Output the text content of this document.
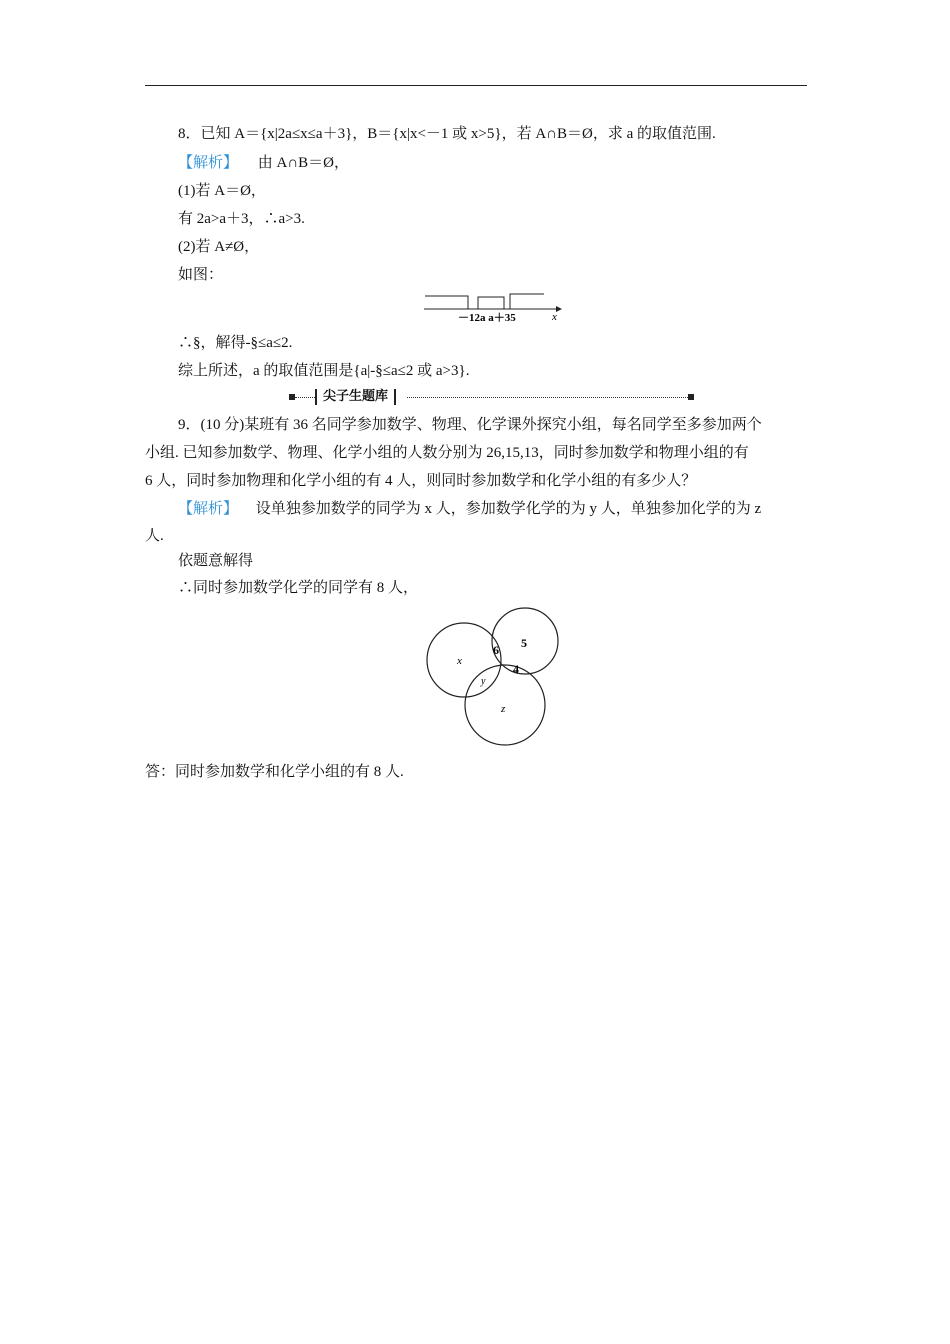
8．已知 A＝{x|2a≤x≤a＋3}，B＝{x|x<－1 或 x>5}，若 A∩B＝Ø，求 a 的取值范围.
【解析】 由 A∩B＝Ø，
(1)若 A＝Ø，
有 2a>a＋3，∴a>3.
(2)若 A≠Ø，
如图：
－12a a＋35	x
∴§，解得-§≤a≤2.
综上所述，a 的取值范围是{a|-§≤a≤2 或 a>3}.
尖子生题库
9．(10 分)某班有 36 名同学参加数学、物理、化学课外探究小组，每名同学至多参加两个
小组. 已知参加数学、物理、化学小组的人数分别为 26,15,13，同时参加数学和物理小组的有
6 人，同时参加物理和化学小组的有 4 人，则同时参加数学和化学小组的有多少人？
【解析】 设单独参加数学的同学为 x 人，参加数学化学的为 y 人，单独参加化学的为 z
人.
依题意解得
∴同时参加数学化学的同学有 8 人，
x
y
z
6 5
4
答：同时参加数学和化学小组的有 8 人.
